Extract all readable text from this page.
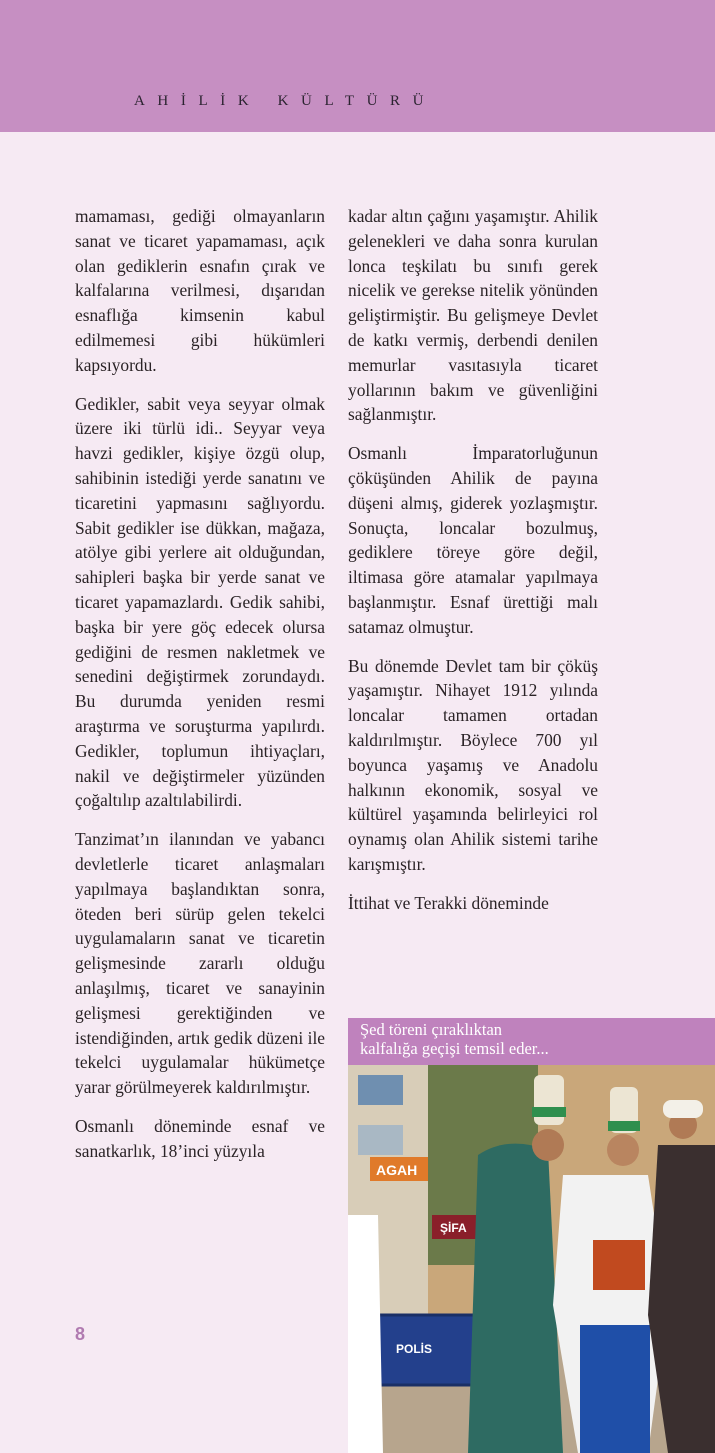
AHİLİK KÜLTÜRÜ

mamaması, gediği olmayanların sanat ve ticaret yapamaması, açık olan gediklerin esnafın çırak ve kalfalarına verilmesi, dışarıdan esnaflığa kimsenin kabul edilmemesi gibi hükümleri kapsıyordu.

Gedikler, sabit veya seyyar olmak üzere iki türlü idi.. Seyyar veya havzi gedikler, kişiye özgü olup, sahibinin istediği yerde sanatını ve ticaretini yapmasını sağlıyordu. Sabit gedikler ise dükkan, mağaza, atölye gibi yerlere ait olduğundan, sahipleri başka bir yerde sanat ve ticaret yapamazlardı. Gedik sahibi, başka bir yere göç edecek olursa gediğini de resmen nakletmek ve senedini değiştirmek zorundaydı. Bu durumda yeniden resmi araştırma ve soruşturma yapılırdı. Gedikler, toplumun ihtiyaçları, nakil ve değiştirmeler yüzünden çoğaltılıp azaltılabilirdi.

Tanzimat’ın ilanından ve yabancı devletlerle ticaret anlaşmaları yapılmaya başlandıktan sonra, öteden beri sürüp gelen tekelci uygulamaların sanat ve ticaretin gelişmesinde zararlı olduğu anlaşılmış, ticaret ve sanayinin gelişmesi gerektiğinden ve istendiğinden, artık gedik düzeni ile tekelci uygulamalar hükümetçe yarar görülmeyerek kaldırılmıştır.

Osmanlı döneminde esnaf ve sanatkarlık, 18’inci yüzyıla

kadar altın çağını yaşamıştır. Ahilik gelenekleri ve daha sonra kurulan lonca teşkilatı bu sınıfı gerek nicelik ve gerekse nitelik yönünden geliştirmiştir. Bu gelişmeye Devlet de katkı vermiş, derbendi denilen memurlar vasıtasıyla ticaret yollarının bakım ve güvenliğini sağlanmıştır.

Osmanlı İmparatorluğunun çöküşünden Ahilik de payına düşeni almış, giderek yozlaşmıştır. Sonuçta, loncalar bozulmuş, gediklere töreye göre değil, iltimasa göre atamalar yapılmaya başlanmıştır. Esnaf ürettiği malı satamaz olmuştur.

Bu dönemde Devlet tam bir çöküş yaşamıştır. Nihayet 1912 yılında loncalar tamamen ortadan kaldırılmıştır. Böylece 700 yıl boyunca yaşamış ve Anadolu halkının ekonomik, sosyal ve kültürel yaşamında belirleyici rol oynamış olan Ahilik sistemi tarihe karışmıştır.

İttihat ve Terakki döneminde

Şed töreni çıraklıktan
kalfalığa geçişi temsil eder...
AGAH
ŞİFA
POLİS
8
